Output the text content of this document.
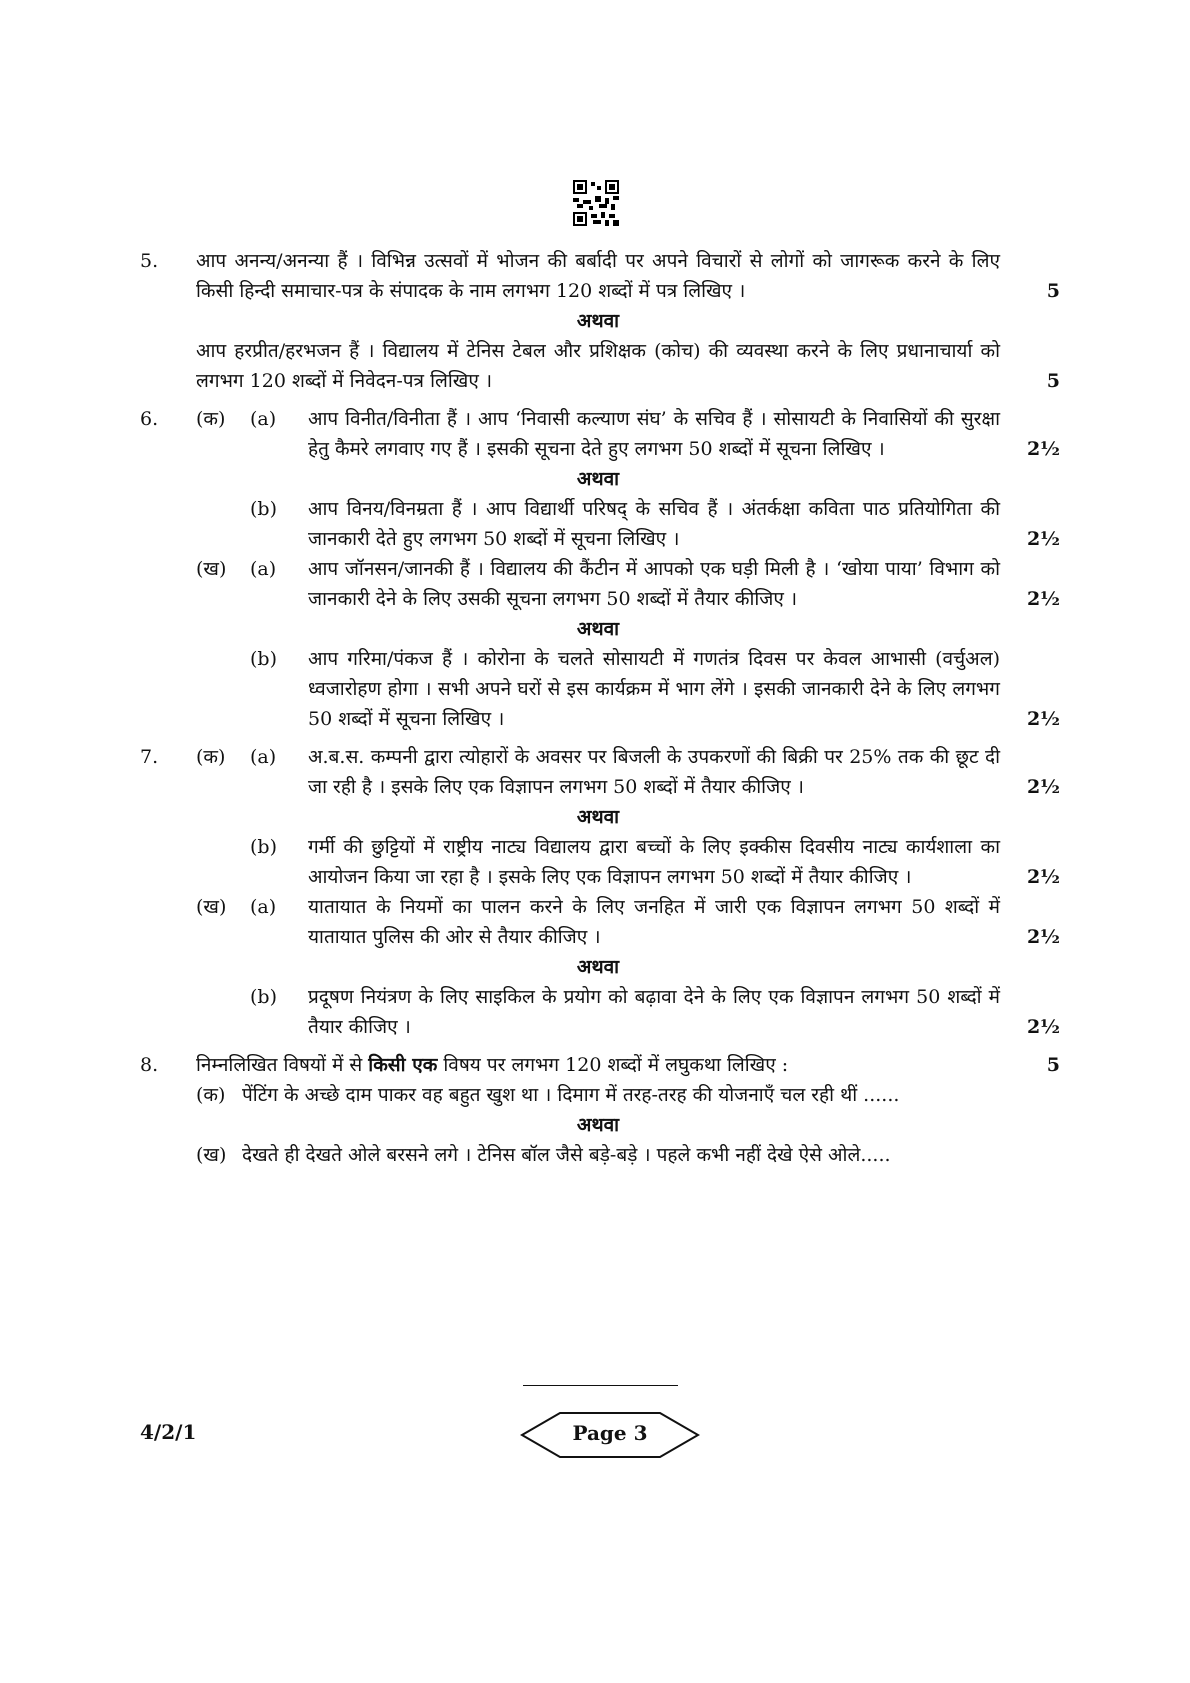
5.	आप अनन्य/अनन्या हैं । विभिन्न उत्सवों में भोजन की बर्बादी पर अपने विचारों से लोगों को जागरूक करने के लिए किसी हिन्दी समाचार-पत्र के संपादक के नाम लगभग 120 शब्दों में पत्र लिखिए ।	5
अथवा
आप हरप्रीत/हरभजन हैं । विद्यालय में टेनिस टेबल और प्रशिक्षक (कोच) की व्यवस्था करने के लिए प्रधानाचार्या को लगभग 120 शब्दों में निवेदन-पत्र लिखिए ।	5
6.	(क)	(a)	आप विनीत/विनीता हैं । आप ‘निवासी कल्याण संघ’ के सचिव हैं । सोसायटी के निवासियों की सुरक्षा हेतु कैमरे लगवाए गए हैं । इसकी सूचना देते हुए लगभग 50 शब्दों में सूचना लिखिए ।	2½
अथवा
(b)	आप विनय/विनम्रता हैं । आप विद्यार्थी परिषद् के सचिव हैं । अंतर्कक्षा कविता पाठ प्रतियोगिता की जानकारी देते हुए लगभग 50 शब्दों में सूचना लिखिए ।	2½
(ख)	(a)	आप जॉनसन/जानकी हैं । विद्यालय की कैंटीन में आपको एक घड़ी मिली है । ‘खोया पाया’ विभाग को जानकारी देने के लिए उसकी सूचना लगभग 50 शब्दों में तैयार कीजिए ।	2½
अथवा
(b)	आप गरिमा/पंकज हैं । कोरोना के चलते सोसायटी में गणतंत्र दिवस पर केवल आभासी (वर्चुअल) ध्वजारोहण होगा । सभी अपने घरों से इस कार्यक्रम में भाग लेंगे । इसकी जानकारी देने के लिए लगभग 50 शब्दों में सूचना लिखिए ।	2½
7.	(क)	(a)	अ.ब.स. कम्पनी द्वारा त्योहारों के अवसर पर बिजली के उपकरणों की बिक्री पर 25% तक की छूट दी जा रही है । इसके लिए एक विज्ञापन लगभग 50 शब्दों में तैयार कीजिए ।	2½
अथवा
(b)	गर्मी की छुट्टियों में राष्ट्रीय नाट्य विद्यालय द्वारा बच्चों के लिए इक्कीस दिवसीय नाट्य कार्यशाला का आयोजन किया जा रहा है । इसके लिए एक विज्ञापन लगभग 50 शब्दों में तैयार कीजिए ।	2½
(ख)	(a)	यातायात के नियमों का पालन करने के लिए जनहित में जारी एक विज्ञापन लगभग 50 शब्दों में यातायात पुलिस की ओर से तैयार कीजिए ।	2½
अथवा
(b)	प्रदूषण नियंत्रण के लिए साइकिल के प्रयोग को बढ़ावा देने के लिए एक विज्ञापन लगभग 50 शब्दों में तैयार कीजिए ।	2½
8.	निम्नलिखित विषयों में से किसी एक विषय पर लगभग 120 शब्दों में लघुकथा लिखिए :	5
(क) पेंटिंग के अच्छे दाम पाकर वह बहुत खुश था । दिमाग में तरह-तरह की योजनाएँ चल रही थीं ......
अथवा
(ख) देखते ही देखते ओले बरसने लगे । टेनिस बॉल जैसे बड़े-बड़े । पहले कभी नहीं देखे ऐसे ओले.....
4/2/1	Page 3
